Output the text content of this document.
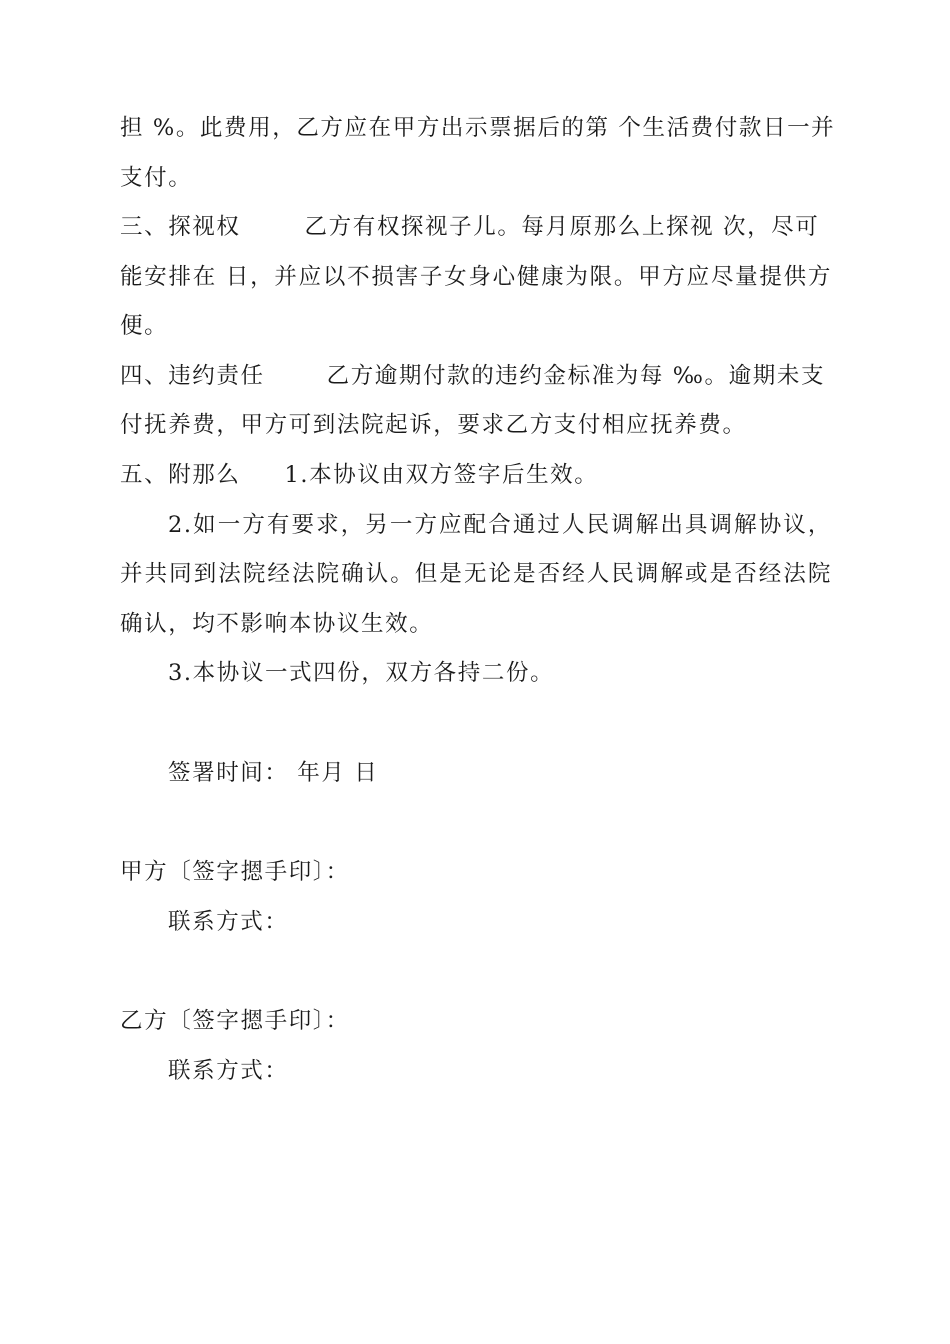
担 %。此费用，乙方应在甲方出示票据后的第 个生活费付款日一并
支付。
三、探视权	乙方有权探视子儿。每月原那么上探视 次，尽可
能安排在 日，并应以不损害子女身心健康为限。甲方应尽量提供方
便。
四、违约责任	乙方逾期付款的违约金标准为每 ‰。逾期未支
付抚养费，甲方可到法院起诉，要求乙方支付相应抚养费。
五、附那么 1.本协议由双方签字后生效。
2.如一方有要求，另一方应配合通过人民调解出具调解协议，
并共同到法院经法院确认。但是无论是否经人民调解或是否经法院
确认，均不影响本协议生效。
3.本协议一式四份，双方各持二份。
签署时间： 年月 日
甲方〔签字摁手印〕：
联系方式：
乙方〔签字摁手印〕：
联系方式：
